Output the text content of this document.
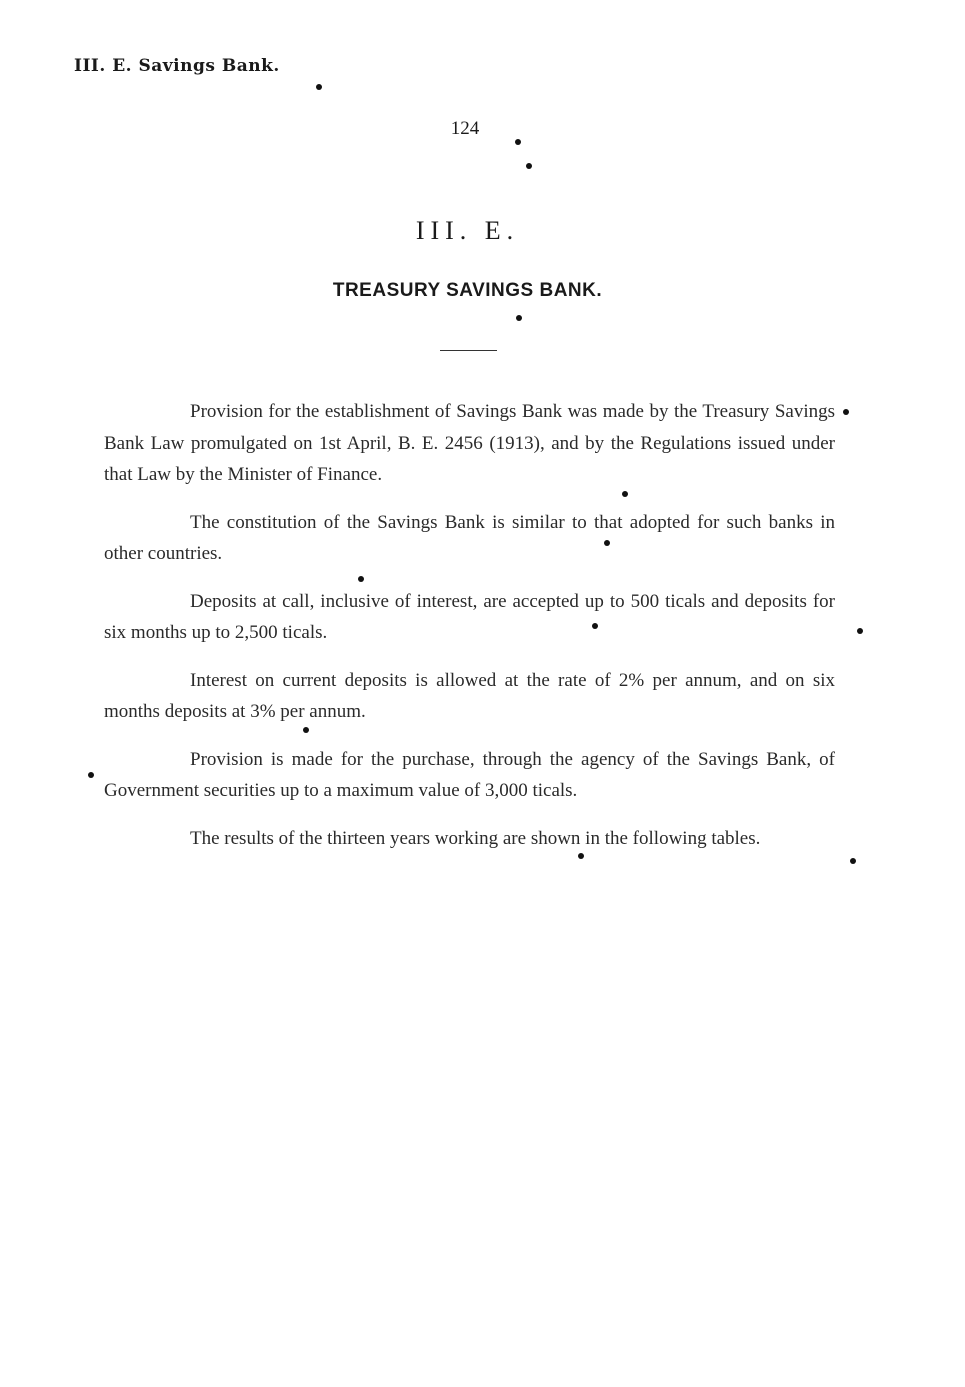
III. E. Savings Bank.
124
III. E.
TREASURY SAVINGS BANK.

Provision for the establishment of Savings Bank was made by the Treasury Savings Bank Law promulgated on 1st April, B. E. 2456 (1913), and by the Regulations issued under that Law by the Minister of Finance.

The constitution of the Savings Bank is similar to that adopted for such banks in other countries.

Deposits at call, inclusive of interest, are accepted up to 500 ticals and deposits for six months up to 2,500 ticals.

Interest on current deposits is allowed at the rate of 2% per annum, and on six months deposits at 3% per annum.

Provision is made for the purchase, through the agency of the Savings Bank, of Government securities up to a maximum value of 3,000 ticals.

The results of the thirteen years working are shown in the following tables.
